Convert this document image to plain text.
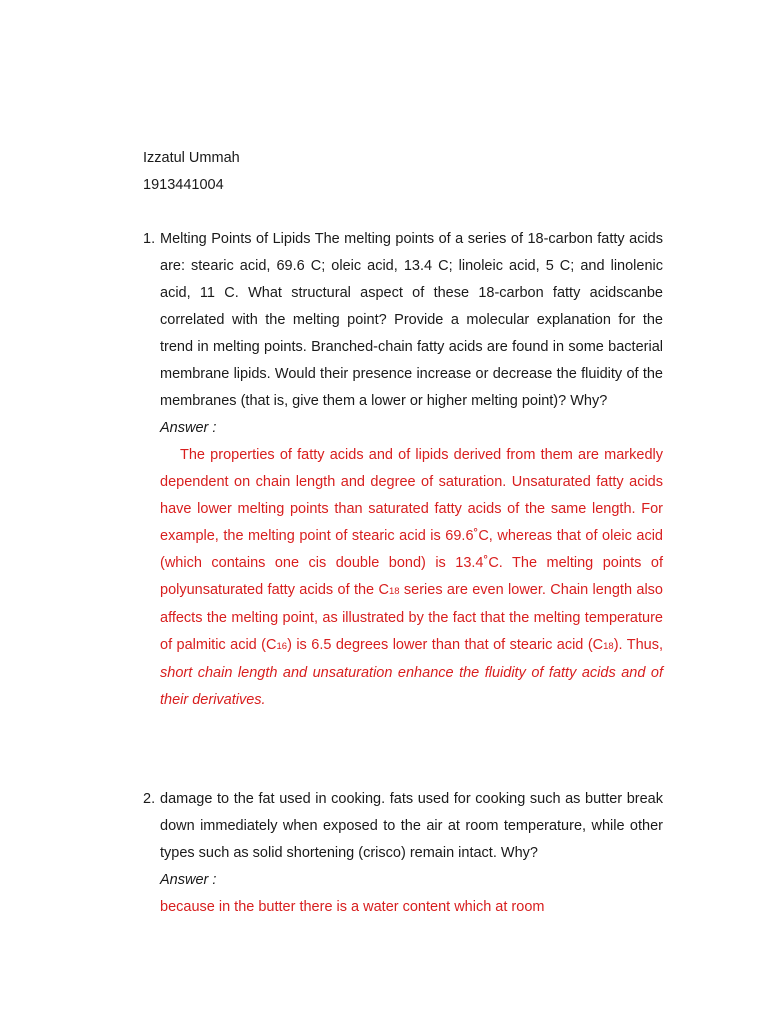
Izzatul Ummah
1913441004
1. Melting Points of Lipids The melting points of a series of 18-carbon fatty acids are: stearic acid, 69.6 C; oleic acid, 13.4 C; linoleic acid, 5 C; and linolenic acid, 11 C. What structural aspect of these 18-carbon fatty acidscanbe correlated with the melting point? Provide a molecular explanation for the trend in melting points. Branched-chain fatty acids are found in some bacterial membrane lipids. Would their presence increase or decrease the fluidity of the membranes (that is, give them a lower or higher melting point)? Why?

Answer :

The properties of fatty acids and of lipids derived from them are markedly dependent on chain length and degree of saturation. Unsaturated fatty acids have lower melting points than saturated fatty acids of the same length. For example, the melting point of stearic acid is 69.6˚C, whereas that of oleic acid (which contains one cis double bond) is 13.4˚C. The melting points of polyunsaturated fatty acids of the C18 series are even lower. Chain length also affects the melting point, as illustrated by the fact that the melting temperature of palmitic acid (C16) is 6.5 degrees lower than that of stearic acid (C18). Thus, short chain length and unsaturation enhance the fluidity of fatty acids and of their derivatives.

2. damage to the fat used in cooking. fats used for cooking such as butter break down immediately when exposed to the air at room temperature, while other types such as solid shortening (crisco) remain intact. Why?

Answer :

because in the butter there is a water content which at room
